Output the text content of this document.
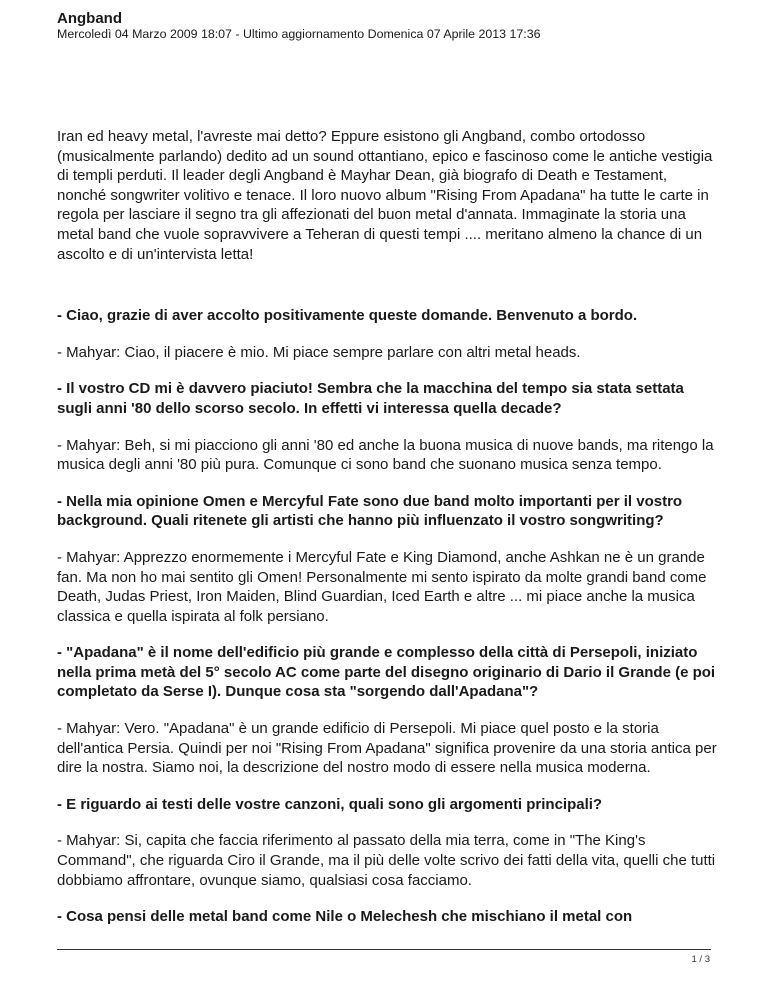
Angband
Mercoledì 04 Marzo 2009 18:07 - Ultimo aggiornamento Domenica 07 Aprile 2013 17:36

Iran ed heavy metal, l'avreste mai detto? Eppure esistono gli Angband, combo ortodosso (musicalmente parlando) dedito ad un sound ottantiano, epico e fascinoso come le antiche vestigia di templi perduti. Il leader degli Angband è Mayhar Dean, già biografo di Death e Testament, nonché songwriter volitivo e tenace. Il loro nuovo album "Rising From Apadana" ha tutte le carte in regola per lasciare il segno tra gli affezionati del buon metal d'annata. Immaginate la storia una metal band che vuole sopravvivere a Teheran di questi tempi .... meritano almeno la chance di un ascolto e di un'intervista letta!

- Ciao, grazie di aver accolto positivamente queste domande. Benvenuto a bordo.

- Mahyar: Ciao, il piacere è mio. Mi piace sempre parlare con altri metal heads.

- Il vostro CD mi è davvero piaciuto! Sembra che la macchina del tempo sia stata settata sugli anni '80 dello scorso secolo. In effetti vi interessa quella decade?

- Mahyar: Beh, si mi piacciono gli anni '80 ed anche la buona musica di nuove bands, ma ritengo la musica degli anni '80 più pura. Comunque ci sono band che suonano musica senza tempo.

- Nella mia opinione Omen e Mercyful Fate sono due band molto importanti per il vostro background. Quali ritenete gli artisti che hanno più influenzato il vostro songwriting?

- Mahyar: Apprezzo enormemente i Mercyful Fate e King Diamond, anche Ashkan ne è un grande fan. Ma non ho mai sentito gli Omen! Personalmente mi sento ispirato da molte grandi band come Death, Judas Priest, Iron Maiden, Blind Guardian, Iced Earth e altre ... mi piace anche la musica classica e quella ispirata al folk persiano.

- "Apadana" è il nome dell'edificio più grande e complesso della città di Persepoli, iniziato nella prima metà del 5° secolo AC come parte del disegno originario di Dario il Grande (e poi completato da Serse I). Dunque cosa sta "sorgendo dall'Apadana"?

- Mahyar: Vero. "Apadana" è un grande edificio di Persepoli. Mi piace quel posto e la storia dell'antica Persia. Quindi per noi "Rising From Apadana" significa provenire da una storia antica per dire la nostra. Siamo noi, la descrizione del nostro modo di essere nella musica moderna.

- E riguardo ai testi delle vostre canzoni, quali sono gli argomenti principali?

- Mahyar: Si, capita che faccia riferimento al passato della mia terra, come in "The King's Command", che riguarda Ciro il Grande, ma il più delle volte scrivo dei fatti della vita, quelli che tutti dobbiamo affrontare, ovunque siamo, qualsiasi cosa facciamo.

- Cosa pensi delle metal band come Nile o Melechesh che mischiano il metal con

1 / 3
